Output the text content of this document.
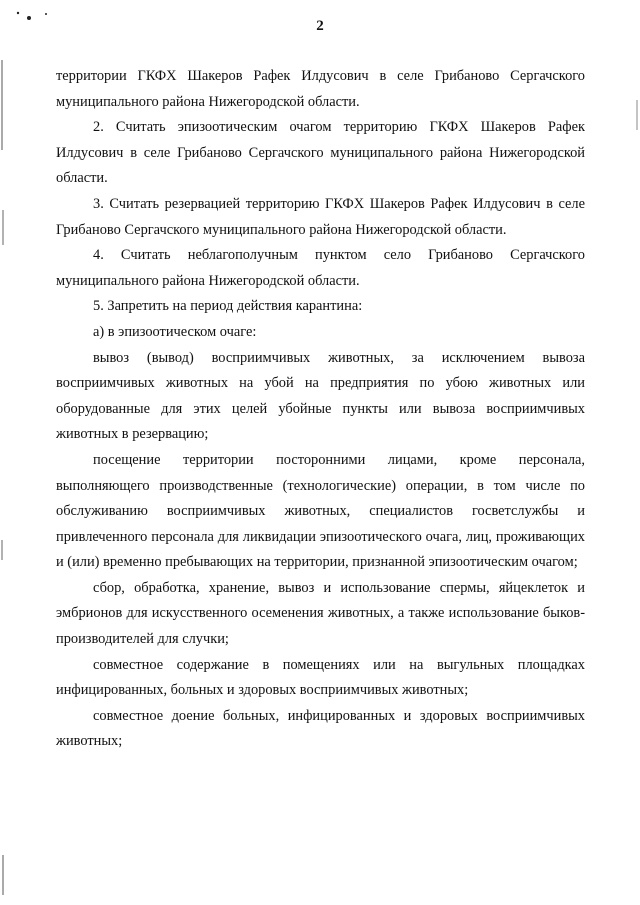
2

территории ГКФХ Шакеров Рафек Илдусович в селе Грибаново Сергачского муниципального района Нижегородской области.

2. Считать эпизоотическим очагом территорию ГКФХ Шакеров Рафек Илдусович в селе Грибаново Сергачского муниципального района Нижегородской области.

3. Считать резервацией территорию ГКФХ Шакеров Рафек Илдусович в селе Грибаново Сергачского муниципального района Нижегородской области.

4. Считать неблагополучным пунктом село Грибаново Сергачского муниципального района Нижегородской области.

5. Запретить на период действия карантина:

а) в эпизоотическом очаге:

вывоз (вывод) восприимчивых животных, за исключением вывоза восприимчивых животных на убой на предприятия по убою животных или оборудованные для этих целей убойные пункты или вывоза восприимчивых животных в резервацию;

посещение территории посторонними лицами, кроме персонала, выполняющего производственные (технологические) операции, в том числе по обслуживанию восприимчивых животных, специалистов госветслужбы и привлеченного персонала для ликвидации эпизоотического очага, лиц, проживающих и (или) временно пребывающих на территории, признанной эпизоотическим очагом;

сбор, обработка, хранение, вывоз и использование спермы, яйцеклеток и эмбрионов для искусственного осеменения животных, а также использование быков-производителей для случки;

совместное содержание в помещениях или на выгульных площадках инфицированных, больных и здоровых восприимчивых животных;

совместное доение больных, инфицированных и здоровых восприимчивых животных;
